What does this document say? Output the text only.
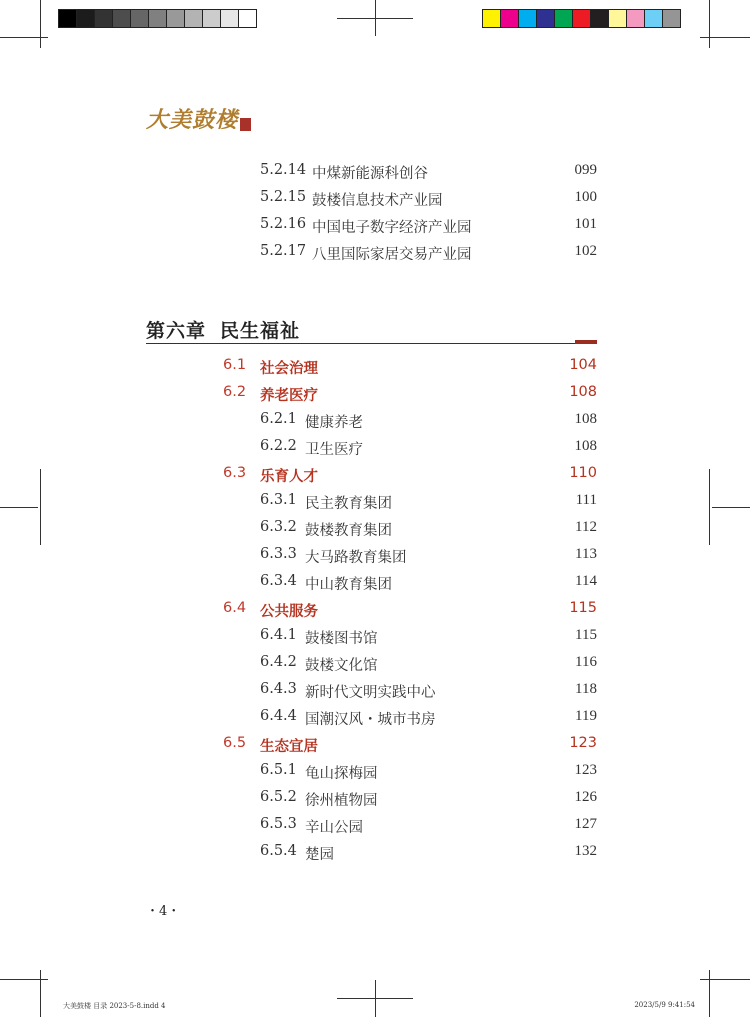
大美鼓楼
5.2.14 中煤新能源科创谷	099
5.2.15 鼓楼信息技术产业园	100
5.2.16 中国电子数字经济产业园	101
5.2.17 八里国际家居交易产业园	102
第六章 民生福祉
6.1 社会治理	104
6.2 养老医疗	108
6.2.1 健康养老	108
6.2.2 卫生医疗	108
6.3 乐育人才	110
6.3.1 民主教育集团	111
6.3.2 鼓楼教育集团	112
6.3.3 大马路教育集团	113
6.3.4 中山教育集团	114
6.4 公共服务	115
6.4.1 鼓楼图书馆	115
6.4.2 鼓楼文化馆	116
6.4.3 新时代文明实践中心	118
6.4.4 国潮汉风・城市书房	119
6.5 生态宜居	123
6.5.1 龟山探梅园	123
6.5.2 徐州植物园	126
6.5.3 辛山公园	127
6.5.4 楚园	132
・4・
大美鼓楼 目录 2023-5-8.indd 4	2023/5/9 9:41:54
